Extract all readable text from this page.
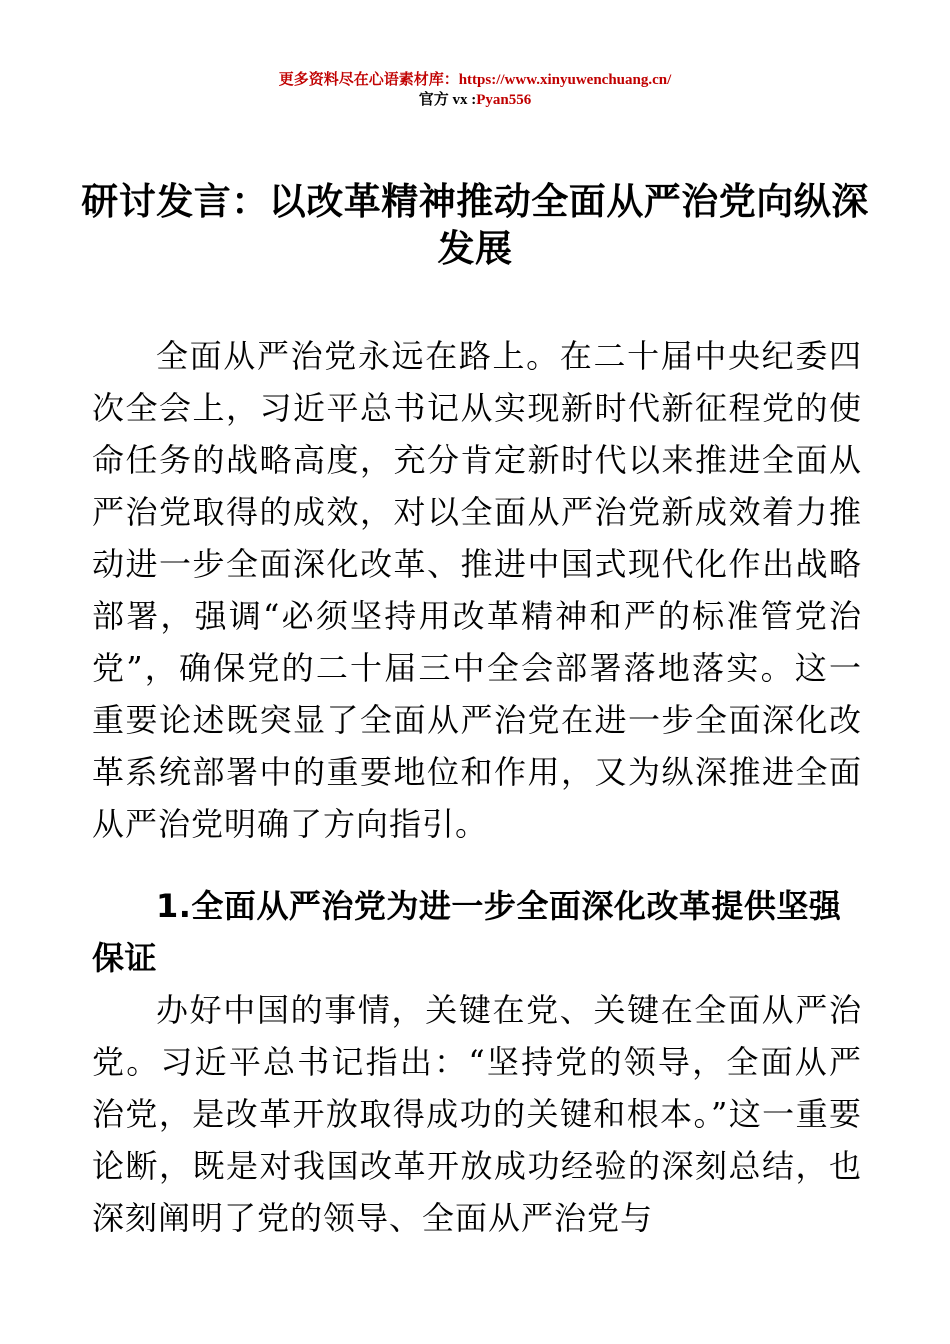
更多资料尽在心语素材库：https://www.xinyuwenchuang.cn/
官方 vx :Pyan556
研讨发言：以改革精神推动全面从严治党向纵深发展

全面从严治党永远在路上。在二十届中央纪委四次全会上，习近平总书记从实现新时代新征程党的使命任务的战略高度，充分肯定新时代以来推进全面从严治党取得的成效，对以全面从严治党新成效着力推动进一步全面深化改革、推进中国式现代化作出战略部署，强调“必须坚持用改革精神和严的标准管党治党”，确保党的二十届三中全会部署落地落实。这一重要论述既突显了全面从严治党在进一步全面深化改革系统部署中的重要地位和作用，又为纵深推进全面从严治党明确了方向指引。

1.全面从严治党为进一步全面深化改革提供坚强保证

办好中国的事情，关键在党、关键在全面从严治党。习近平总书记指出：“坚持党的领导，全面从严治党，是改革开放取得成功的关键和根本。”这一重要论断，既是对我国改革开放成功经验的深刻总结，也深刻阐明了党的领导、全面从严治党与
